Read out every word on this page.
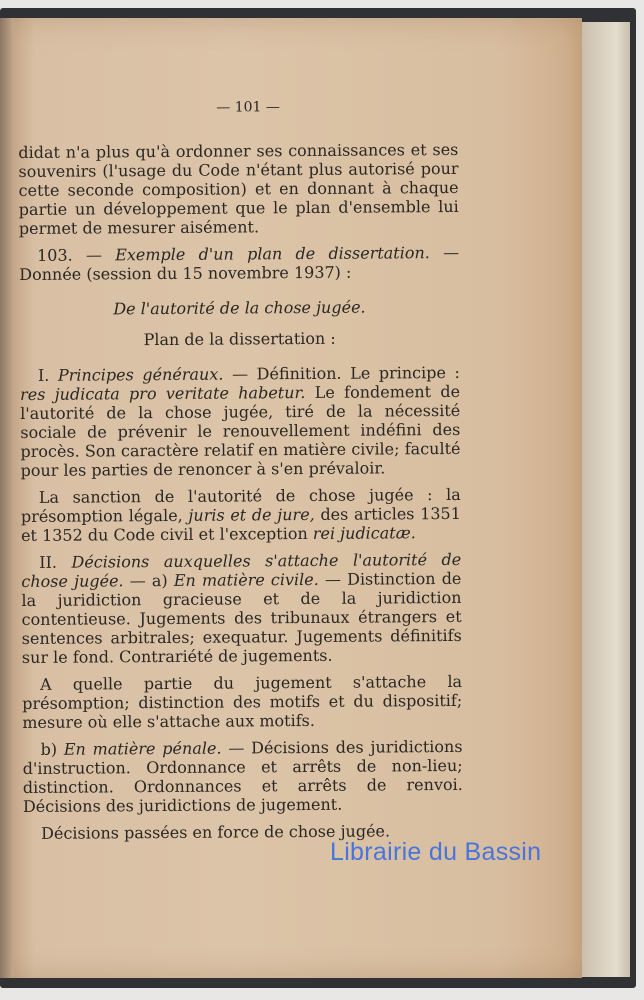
— 101 —

didat n'a plus qu'à ordonner ses connaissances et ses souvenirs (l'usage du Code n'étant plus autorisé pour cette seconde composition) et en donnant à chaque partie un développement que le plan d'ensemble lui permet de mesurer aisément.

103. — Exemple d'un plan de dissertation. — Donnée (session du 15 novembre 1937) :

De l'autorité de la chose jugée.
Plan de la dissertation :

I. Principes généraux. — Définition. Le principe : res judicata pro veritate habetur. Le fondement de l'autorité de la chose jugée, tiré de la nécessité sociale de prévenir le renouvellement indéfini des procès. Son caractère relatif en matière civile; faculté pour les parties de renoncer à s'en prévaloir.

La sanction de l'autorité de chose jugée : la présomption légale, juris et de jure, des articles 1351 et 1352 du Code civil et l'exception rei judicatæ.

II. Décisions auxquelles s'attache l'autorité de chose jugée. — a) En matière civile. — Distinction de la juridiction gracieuse et de la juridiction contentieuse. Jugements des tribunaux étrangers et sentences arbitrales; exequatur. Jugements définitifs sur le fond. Contrariété de jugements.

A quelle partie du jugement s'attache la présomption; distinction des motifs et du dispositif; mesure où elle s'attache aux motifs.

b) En matière pénale. — Décisions des juridictions d'instruction. Ordonnance et arrêts de non-lieu; distinction. Ordonnances et arrêts de renvoi. Décisions des juridictions de jugement.

Décisions passées en force de chose jugée.

Librairie du Bassin
